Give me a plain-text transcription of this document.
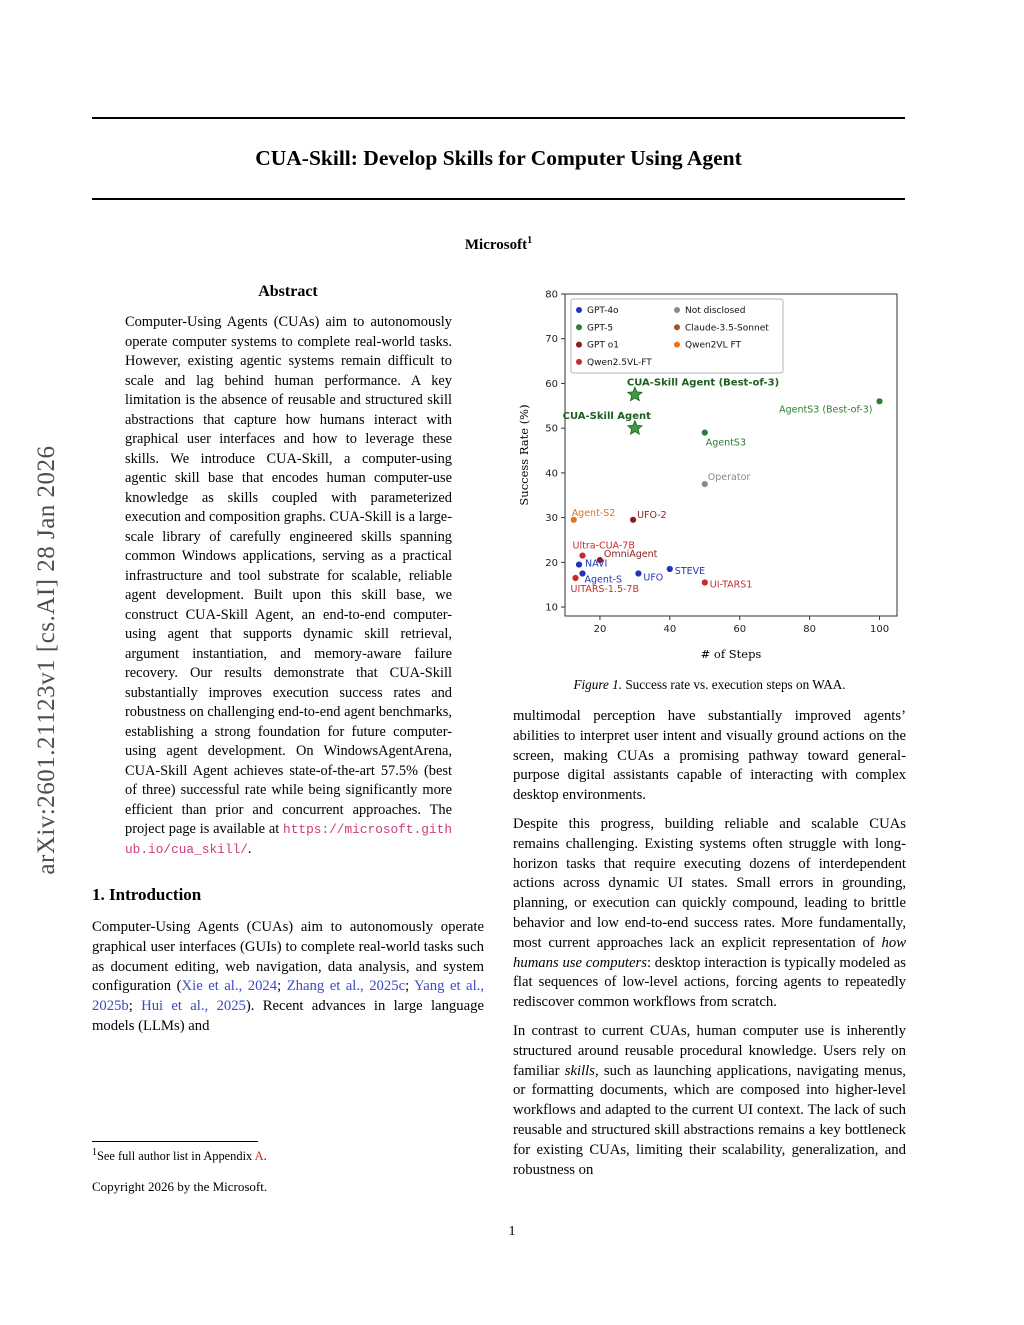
arXiv:2601.21123v1 [cs.AI] 28 Jan 2026
CUA-Skill: Develop Skills for Computer Using Agent
Microsoft$^1$
Abstract

Computer-Using Agents (CUAs) aim to autonomously operate computer systems to complete real-world tasks. However, existing agentic systems remain difficult to scale and lag behind human performance. A key limitation is the absence of reusable and structured skill abstractions that capture how humans interact with graphical user interfaces and how to leverage these skills. We introduce CUA-Skill, a computer-using agentic skill base that encodes human computer-use knowledge as skills coupled with parameterized execution and composition graphs. CUA-Skill is a large-scale library of carefully engineered skills spanning common Windows applications, serving as a practical infrastructure and tool substrate for scalable, reliable agent development. Built upon this skill base, we construct CUA-Skill Agent, an end-to-end computer-using agent that supports dynamic skill retrieval, argument instantiation, and memory-aware failure recovery. Our results demonstrate that CUA-Skill substantially improves execution success rates and robustness on challenging end-to-end agent benchmarks, establishing a strong foundation for future computer-using agent development. On WindowsAgentArena, CUA-Skill Agent achieves state-of-the-art 57.5% (best of three) successful rate while being significantly more efficient than prior and concurrent approaches. The project page is available at https://microsoft.github.io/cua_skill/.

1. Introduction

Computer-Using Agents (CUAs) aim to autonomously operate graphical user interfaces (GUIs) to complete real-world tasks such as document editing, web navigation, data analysis, and system configuration (Xie et al., 2024; Zhang et al., 2025c; Yang et al., 2025b; Hui et al., 2025). Recent advances in large language models (LLMs) and

$^1$See full author list in Appendix A.

Copyright 2026 by the Microsoft.

20	40	60	80	100
10
20
30
40
50
60
70
80
# of Steps
Success Rate (%)
CUA-Skill Agent (Best-of-3)
CUA-Skill Agent
AgentS3 (Best-of-3)
AgentS3
Operator
Agent-S2 UFO-2
Ultra-CUA-7B
OmniAgent
NAVI
STEVE
Agent-S UFO
UITARS-1.5-7B	UI-TARS1
GPT-4o
GPT-5
GPT o1
Qwen2.5VL-FT
Not disclosed
Claude-3.5-Sonnet
Qwen2VL FT

Figure 1. Success rate vs. execution steps on WAA.

multimodal perception have substantially improved agents’ abilities to interpret user intent and visually ground actions on the screen, making CUAs a promising pathway toward general-purpose digital assistants capable of interacting with complex desktop environments.

Despite this progress, building reliable and scalable CUAs remains challenging. Existing systems often struggle with long-horizon tasks that require executing dozens of interdependent actions across dynamic UI states. Small errors in grounding, planning, or execution can quickly compound, leading to brittle behavior and low end-to-end success rates. More fundamentally, most current approaches lack an explicit representation of how humans use computers: desktop interaction is typically modeled as flat sequences of low-level actions, forcing agents to repeatedly rediscover common workflows from scratch.

In contrast to current CUAs, human computer use is inherently structured around reusable procedural knowledge. Users rely on familiar skills, such as launching applications, navigating menus, or formatting documents, which are composed into higher-level workflows and adapted to the current UI context. The lack of such reusable and structured skill abstractions remains a key bottleneck for existing CUAs, limiting their scalability, generalization, and robustness on

1
